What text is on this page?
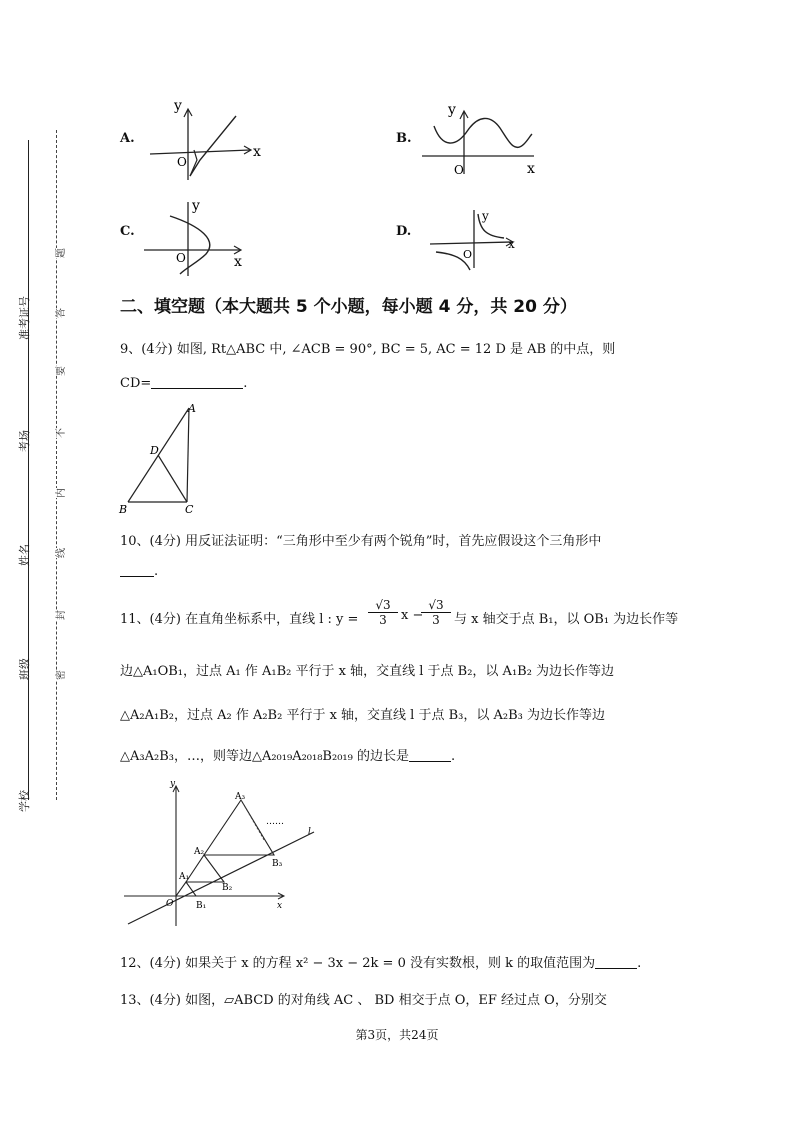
准考证号
考场
姓名
班级
学校
题
答
要
不
内
线
封
密
A.
y
x
O
B.
y
x
O
C.
y
x
O
D.
y
x
O
二、填空题（本大题共 5 个小题，每小题 4 分，共 20 分）
9、(4分) 如图, Rt△ABC 中, ∠ACB = 90°, BC = 5, AC = 12 D 是 AB 的中点，则
CD=	.
A
D
B	C
10、(4分) 用反证法证明：“三角形中至少有两个锐角”时，首先应假设这个三角形中
.
11、(4分) 在直角坐标系中，直线 l : $y = \frac{√3}{3}$ x −
$\frac{√3}{3}$ 与 x 轴交于点 B₁，以 OB₁ 为边长作等
边△A₁OB₁，过点 A₁ 作 A₁B₂ 平行于 x 轴，交直线 l 于点 B₂，以 A₁B₂ 为边长作等边
△A₂A₁B₂，过点 A₂ 作 A₂B₂ 平行于 x 轴，交直线 l 于点 B₃，以 A₂B₃ 为边长作等边
△A₃A₂B₃，…，则等边△A₂₀₁₉A₂₀₁₈B₂₀₁₉ 的边长是	.
y
x
O
l
……
A₁
A₂
A₃
B₁
B₂
B₃
12、(4分) 如果关于 x 的方程 x² − 3x − 2k = 0 没有实数根，则 k 的取值范围为	.
13、(4分) 如图，▱ABCD 的对角线 AC 、 BD 相交于点 O，EF 经过点 O，分别交
第3页，共24页
